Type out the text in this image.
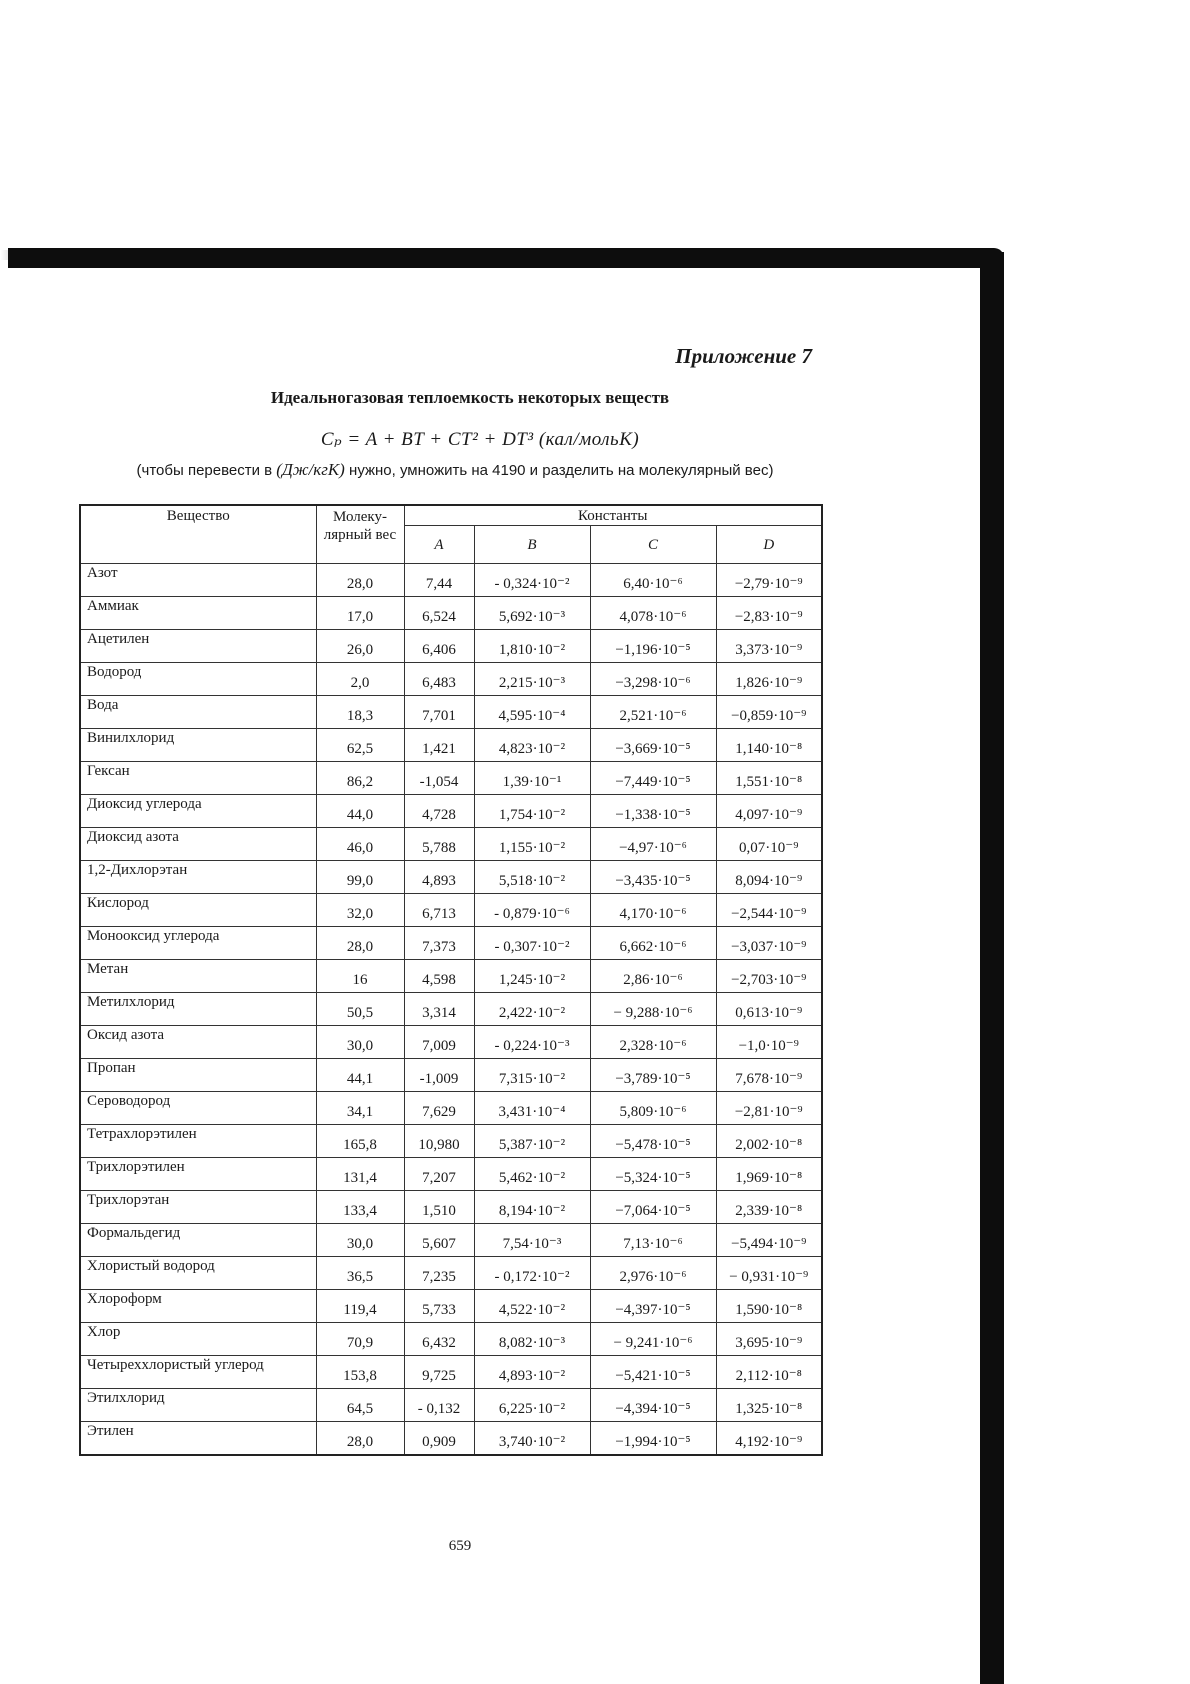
Приложение 7
Идеальногазовая теплоемкость некоторых веществ
Cₚ = A + BT + CT² + DT³ (кал/мольК)
(чтобы перевести в (Дж/кгК) нужно, умножить на 4190 и разделить на молекулярный вес)
Вещество	Молеку-лярный вес	Константы			
		A	B	C	D
Азот	28,0	7,44	- 0,324·10⁻²	6,40·10⁻⁶	−2,79·10⁻⁹
Аммиак	17,0	6,524	5,692·10⁻³	4,078·10⁻⁶	−2,83·10⁻⁹
Ацетилен	26,0	6,406	1,810·10⁻²	−1,196·10⁻⁵	3,373·10⁻⁹
Водород	2,0	6,483	2,215·10⁻³	−3,298·10⁻⁶	1,826·10⁻⁹
Вода	18,3	7,701	4,595·10⁻⁴	2,521·10⁻⁶	−0,859·10⁻⁹
Винилхлорид	62,5	1,421	4,823·10⁻²	−3,669·10⁻⁵	1,140·10⁻⁸
Гексан	86,2	-1,054	1,39·10⁻¹	−7,449·10⁻⁵	1,551·10⁻⁸
Диоксид углерода	44,0	4,728	1,754·10⁻²	−1,338·10⁻⁵	4,097·10⁻⁹
Диоксид азота	46,0	5,788	1,155·10⁻²	−4,97·10⁻⁶	0,07·10⁻⁹
1,2-Дихлорэтан	99,0	4,893	5,518·10⁻²	−3,435·10⁻⁵	8,094·10⁻⁹
Кислород	32,0	6,713	- 0,879·10⁻⁶	4,170·10⁻⁶	−2,544·10⁻⁹
Монооксид углерода	28,0	7,373	- 0,307·10⁻²	6,662·10⁻⁶	−3,037·10⁻⁹
Метан	16	4,598	1,245·10⁻²	2,86·10⁻⁶	−2,703·10⁻⁹
Метилхлорид	50,5	3,314	2,422·10⁻²	− 9,288·10⁻⁶	0,613·10⁻⁹
Оксид азота	30,0	7,009	- 0,224·10⁻³	2,328·10⁻⁶	−1,0·10⁻⁹
Пропан	44,1	-1,009	7,315·10⁻²	−3,789·10⁻⁵	7,678·10⁻⁹
Сероводород	34,1	7,629	3,431·10⁻⁴	5,809·10⁻⁶	−2,81·10⁻⁹
Тетрахлорэтилен	165,8	10,980	5,387·10⁻²	−5,478·10⁻⁵	2,002·10⁻⁸
Трихлорэтилен	131,4	7,207	5,462·10⁻²	−5,324·10⁻⁵	1,969·10⁻⁸
Трихлорэтан	133,4	1,510	8,194·10⁻²	−7,064·10⁻⁵	2,339·10⁻⁸
Формальдегид	30,0	5,607	7,54·10⁻³	7,13·10⁻⁶	−5,494·10⁻⁹
Хлористый водород	36,5	7,235	- 0,172·10⁻²	2,976·10⁻⁶	− 0,931·10⁻⁹
Хлороформ	119,4	5,733	4,522·10⁻²	−4,397·10⁻⁵	1,590·10⁻⁸
Хлор	70,9	6,432	8,082·10⁻³	− 9,241·10⁻⁶	3,695·10⁻⁹
Четыреххлористый углерод	153,8	9,725	4,893·10⁻²	−5,421·10⁻⁵	2,112·10⁻⁸
Этилхлорид	64,5	- 0,132	6,225·10⁻²	−4,394·10⁻⁵	1,325·10⁻⁸
Этилен	28,0	0,909	3,740·10⁻²	−1,994·10⁻⁵	4,192·10⁻⁹
659
